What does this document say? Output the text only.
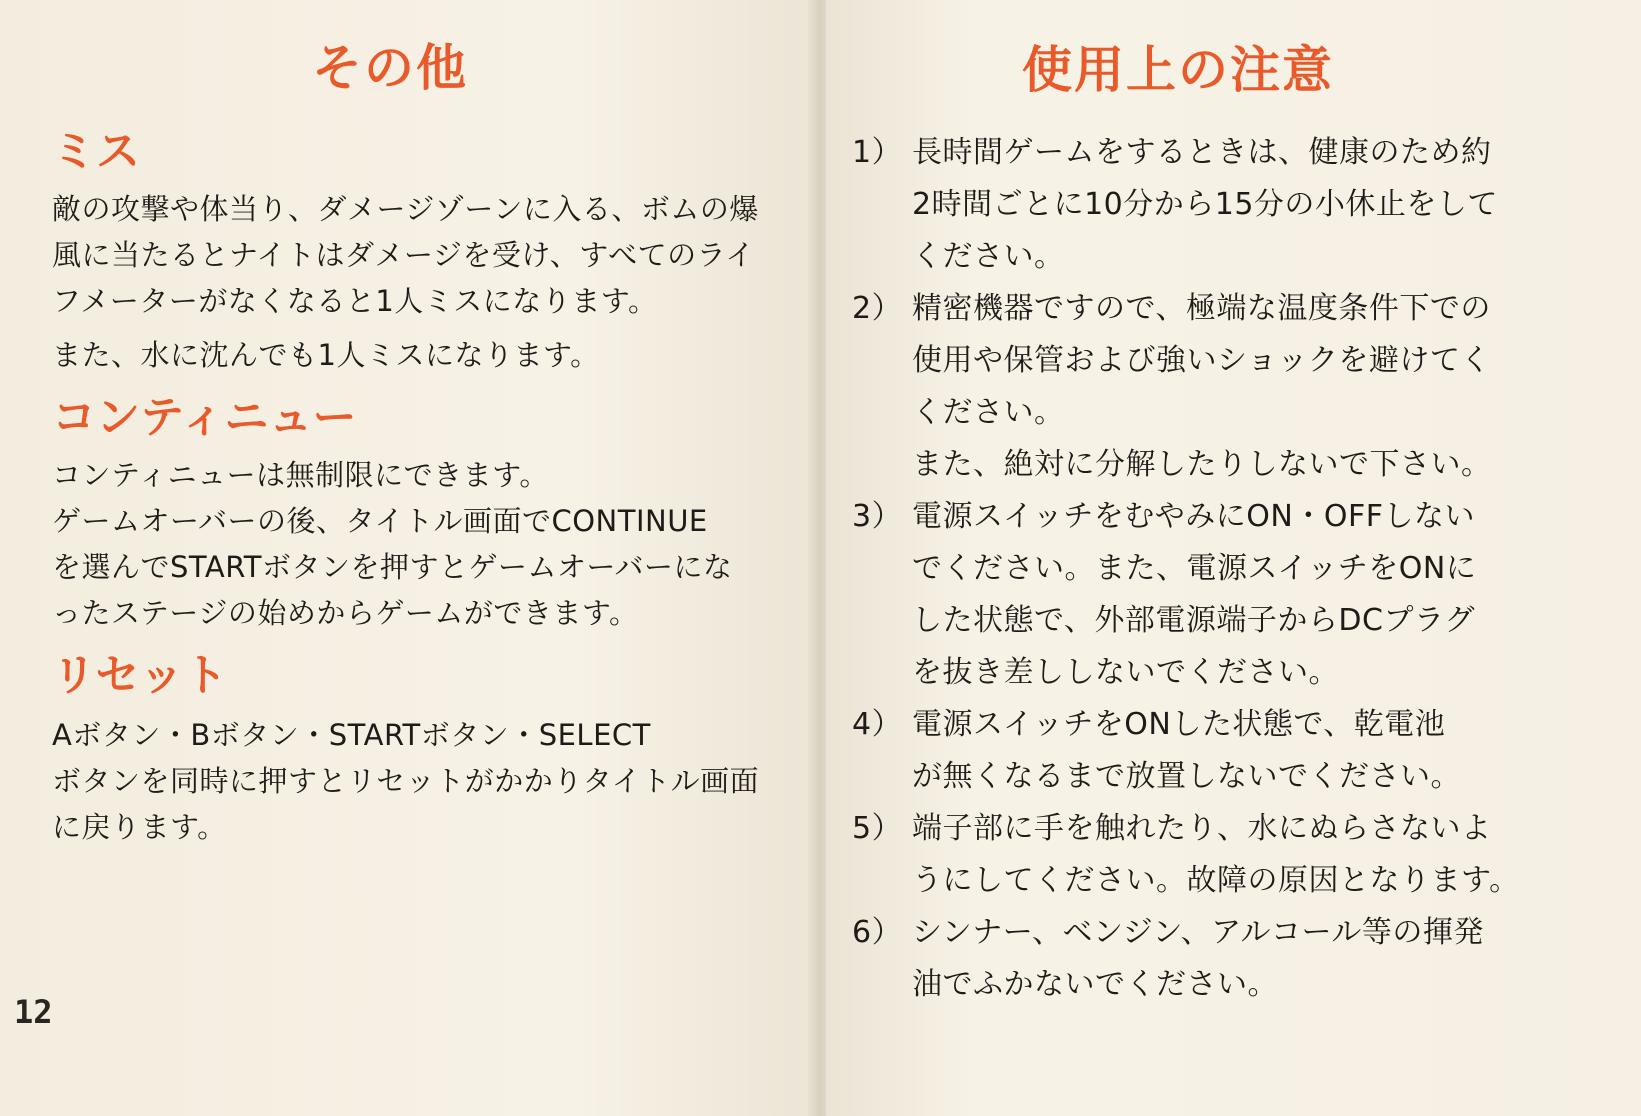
その他
ミス

敵の攻撃や体当り、ダメージゾーンに入る、ボムの爆

風に当たるとナイトはダメージを受け、すべてのライ

フメーターがなくなると1人ミスになります。

また、水に沈んでも1人ミスになります。

コンティニュー

コンティニューは無制限にできます。

ゲームオーバーの後、タイトル画面でCONTINUE

を選んでSTARTボタンを押すとゲームオーバーにな

ったステージの始めからゲームができます。

リセット

Aボタン・Bボタン・STARTボタン・SELECT

ボタンを同時に押すとリセットがかかりタイトル画面

に戻ります。

12

使用上の注意
1） 長時間ゲームをするときは、健康のため約
2時間ごとに10分から15分の小休止をして
ください。
2） 精密機器ですので、極端な温度条件下での
使用や保管および強いショックを避けてく
ください。
また、絶対に分解したりしないで下さい。
3） 電源スイッチをむやみにON・OFFしない
でください。また、電源スイッチをONに
した状態で、外部電源端子からDCプラグ
を抜き差ししないでください。
4） 電源スイッチをONした状態で、乾電池
が無くなるまで放置しないでください。
5） 端子部に手を触れたり、水にぬらさないよ
うにしてください。故障の原因となります。
6） シンナー、ベンジン、アルコール等の揮発
油でふかないでください。
